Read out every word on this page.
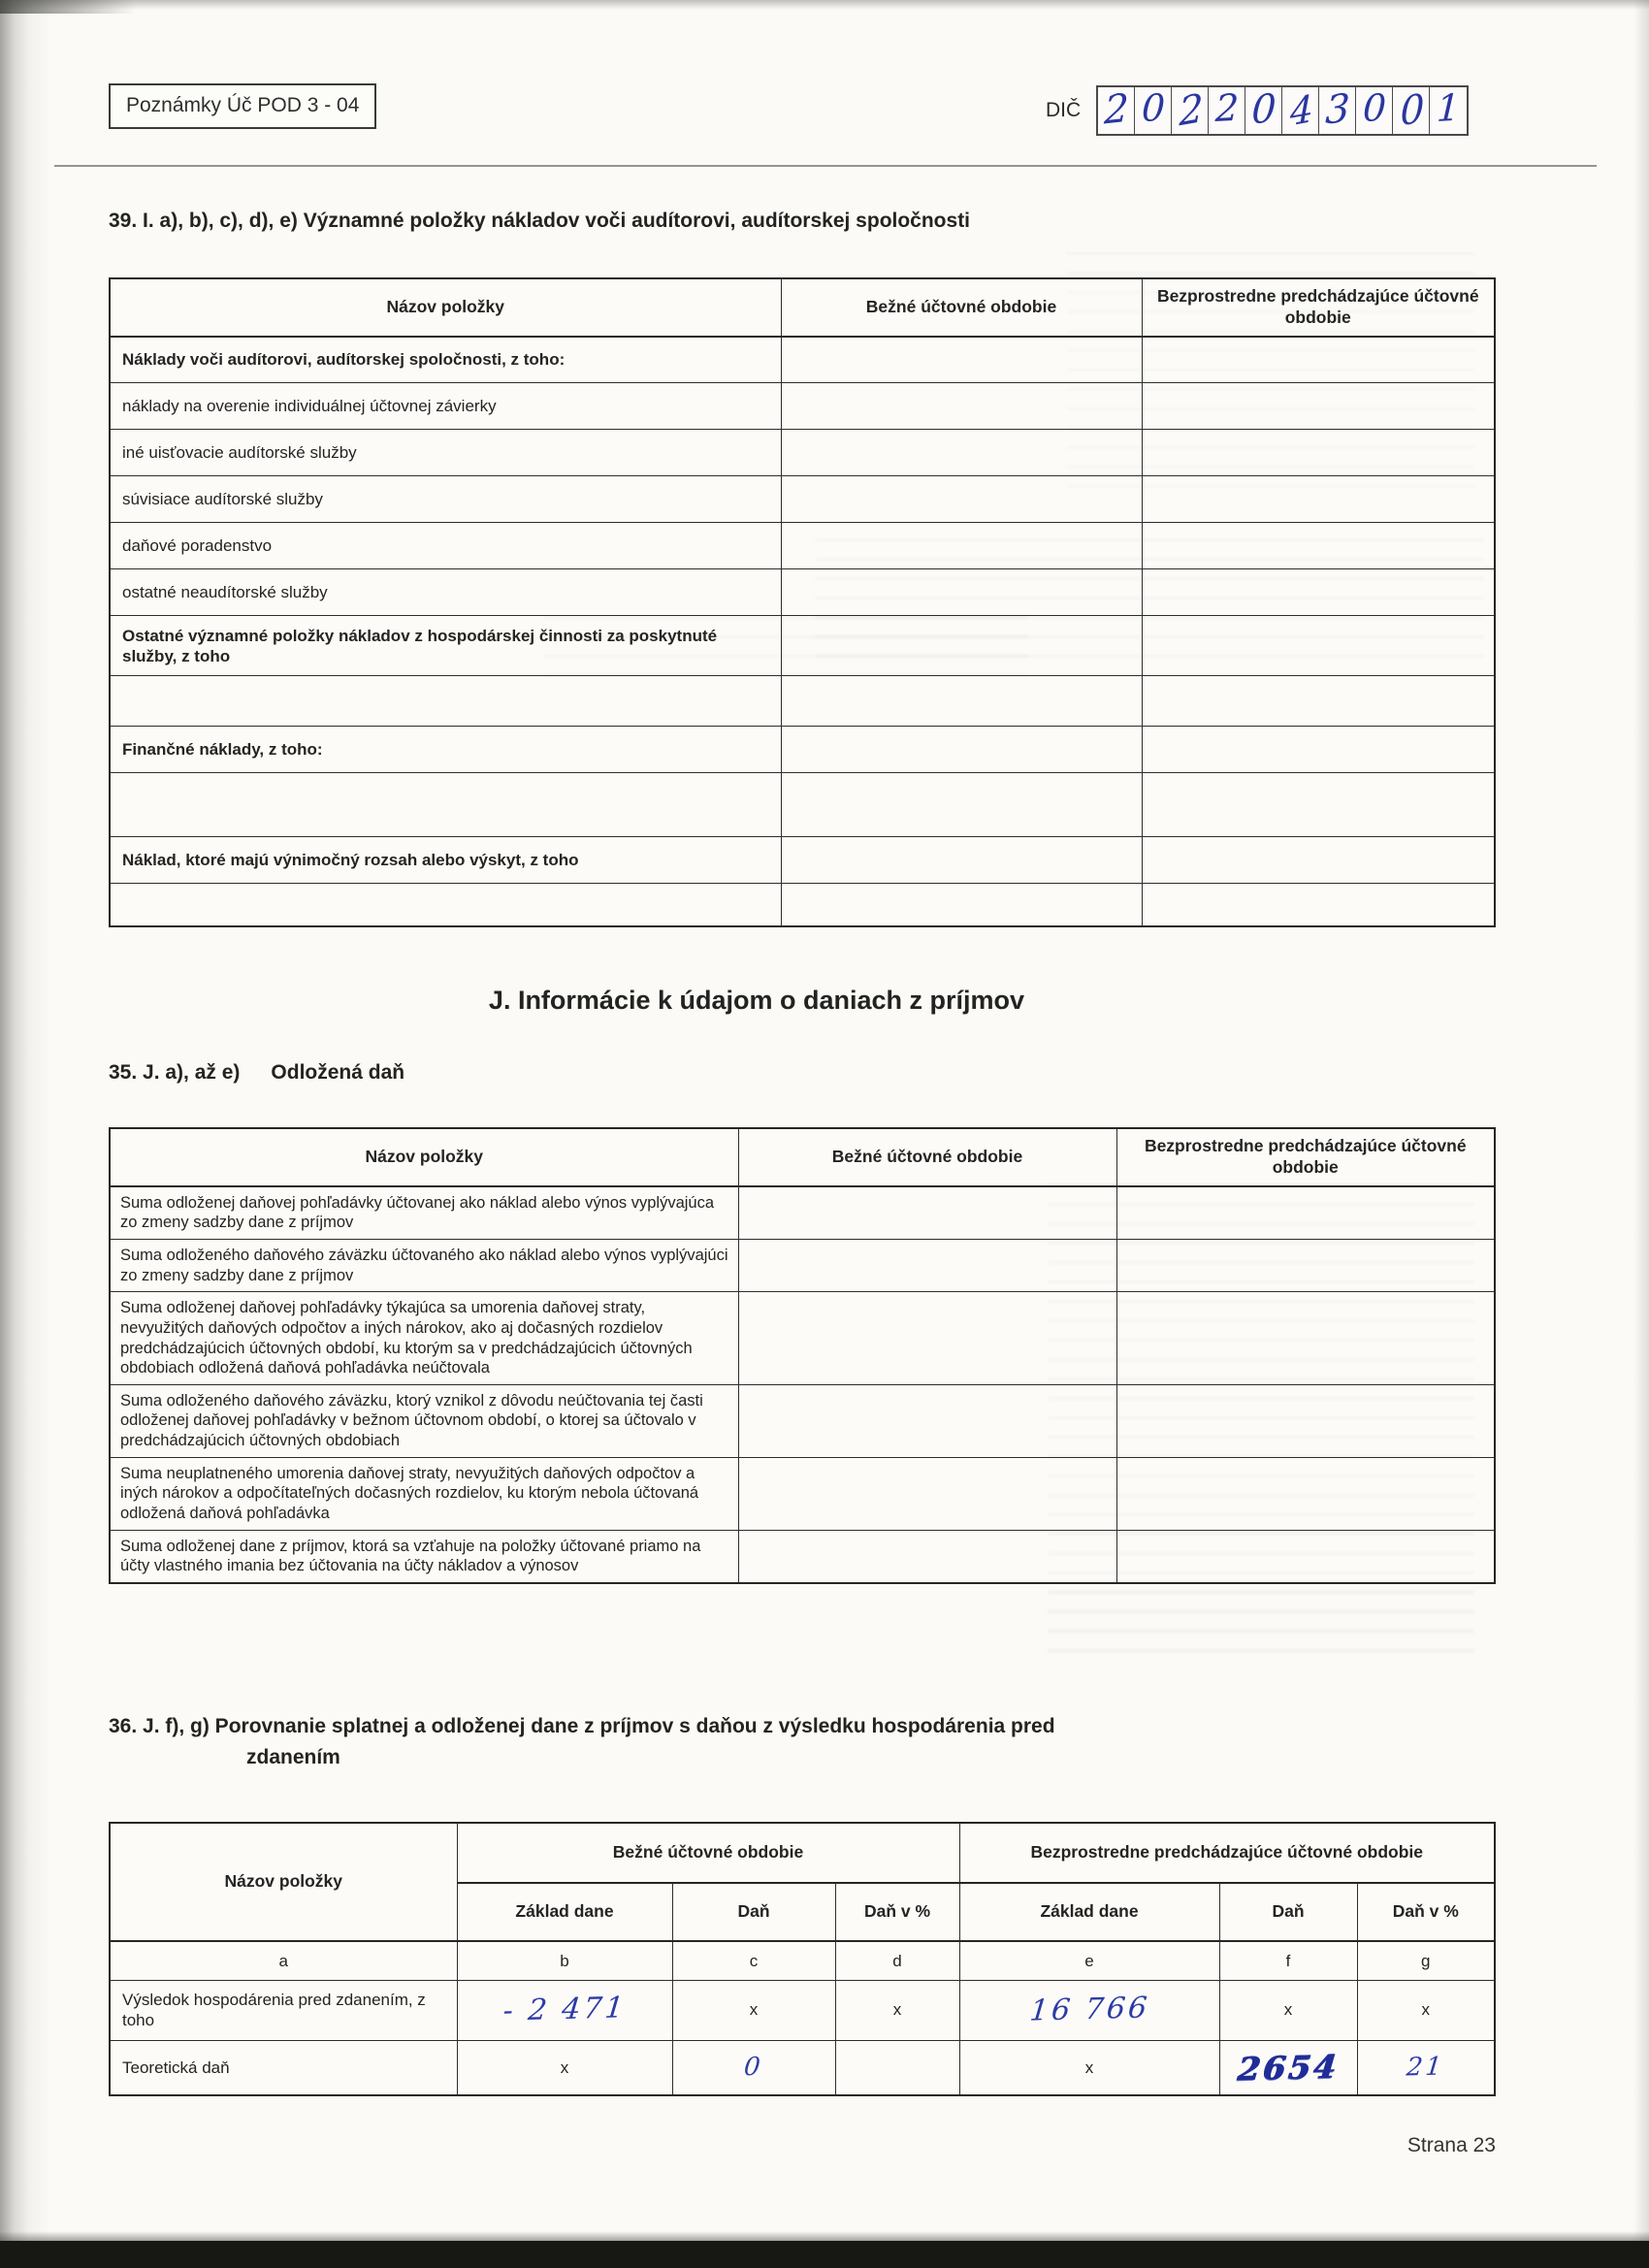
Poznámky Úč POD 3 - 04	DIČ 2 0 2 2 0 4 3 0 0 1
39. I. a), b), c), d), e) Významné položky nákladov voči audítorovi, audítorskej spoločnosti
Názov položky	Bežné účtovné obdobie	Bezprostredne predchádzajúce účtovné obdobie
Náklady voči audítorovi, audítorskej spoločnosti, z toho:		
náklady na overenie individuálnej účtovnej závierky		
iné uisťovacie audítorské služby		
súvisiace audítorské služby		
daňové poradenstvo		
ostatné neaudítorské služby		
Ostatné významné položky nákladov z hospodárskej činnosti za poskytnuté služby, z toho		

Finančné náklady, z toho:		

Náklad, ktoré majú výnimočný rozsah alebo výskyt, z toho		

J. Informácie k údajom o daniach z príjmov
35. J. a), až e) Odložená daň
Názov položky	Bežné účtovné obdobie	Bezprostredne predchádzajúce účtovné obdobie
Suma odloženej daňovej pohľadávky účtovanej ako náklad alebo výnos vyplývajúca zo zmeny sadzby dane z príjmov		
Suma odloženého daňového záväzku účtovaného ako náklad alebo výnos vyplývajúci zo zmeny sadzby dane z príjmov		
Suma odloženej daňovej pohľadávky týkajúca sa umorenia daňovej straty, nevyužitých daňových odpočtov a iných nárokov, ako aj dočasných rozdielov predchádzajúcich účtovných období, ku ktorým sa v predchádzajúcich účtovných obdobiach odložená daňová pohľadávka neúčtovala		
Suma odloženého daňového záväzku, ktorý vznikol z dôvodu neúčtovania tej časti odloženej daňovej pohľadávky v bežnom účtovnom období, o ktorej sa účtovalo v predchádzajúcich účtovných obdobiach		
Suma neuplatneného umorenia daňovej straty, nevyužitých daňových odpočtov a iných nárokov a odpočítateľných dočasných rozdielov, ku ktorým nebola účtovaná odložená daňová pohľadávka		
Suma odloženej dane z príjmov, ktorá sa vzťahuje na položky účtované priamo na účty vlastného imania bez účtovania na účty nákladov a výnosov		
36. J. f), g) Porovnanie splatnej a odloženej dane z príjmov s daňou z výsledku hospodárenia pred
zdanením
Názov položky	Bežné účtovné obdobie			Bezprostredne predchádzajúce účtovné obdobie		
	Základ dane	Daň	Daň v %	Základ dane	Daň	Daň v %
a	b	c	d	e	f	g
Výsledok hospodárenia pred zdanením, z toho	- 2 471	x	x	16 766	x	x
Teoretická daň	x	0		x	2654	21
Strana 23
